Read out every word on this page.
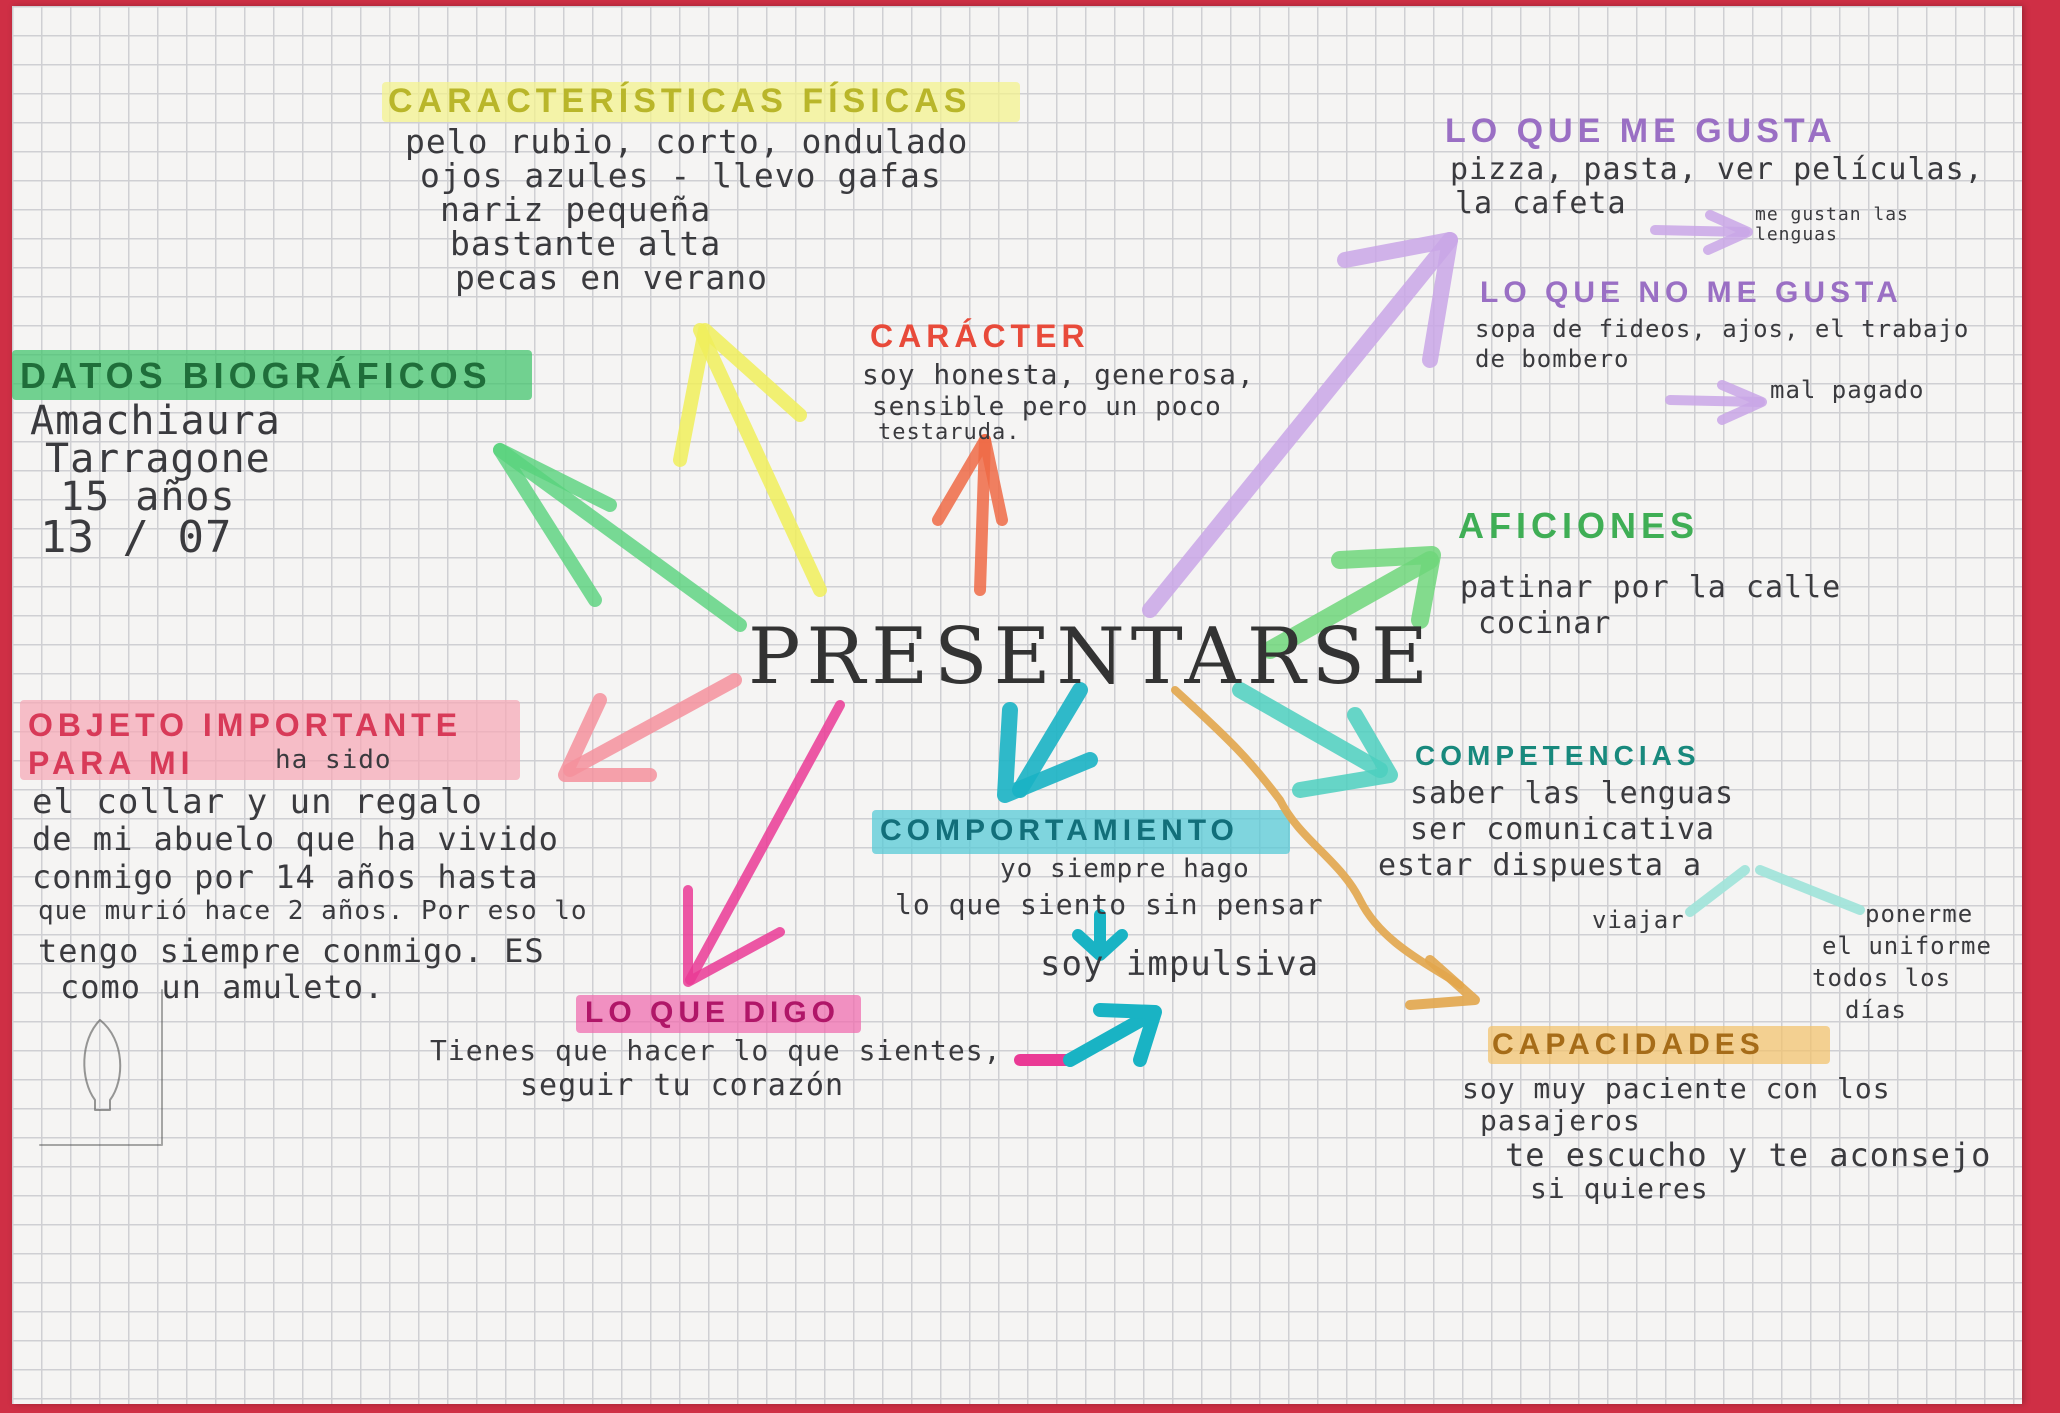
PRESENTARSE

CARACTERÍSTICAS FÍSICAS

pelo rubio, corto, ondulado

ojos azules - llevo gafas

nariz pequeña

bastante alta

pecas en verano

LO QUE ME GUSTA

pizza, pasta, ver películas,

la cafeta	me gustan las lenguas

LO QUE NO ME GUSTA

sopa de fideos, ajos, el trabajo de bombero

mal pagado

CARÁCTER

soy honesta, generosa,

sensible pero un poco

testaruda.

DATOS BIOGRÁFICOS

Amachiaura

Tarragone

15 años

13 / 07	AFICIONES

patinar por la calle

cocinar

OBJETO IMPORTANTE PARA MI	ha sido

el collar y un regalo

de mi abuelo que ha vivido

conmigo por 14 años hasta

que murió hace 2 años. Por eso lo

tengo siempre conmigo. ES

como un amuleto.

COMPETENCIAS

saber las lenguas

ser comunicativa

estar dispuesta a

viajar	ponerme

el uniforme

todos los

días

COMPORTAMIENTO

yo siempre hago

lo que siento sin pensar

soy impulsiva

LO QUE DIGO

Tienes que hacer lo que sientes,

seguir tu corazón

CAPACIDADES

soy muy paciente con los

pasajeros

te escucho y te aconsejo

si quieres
